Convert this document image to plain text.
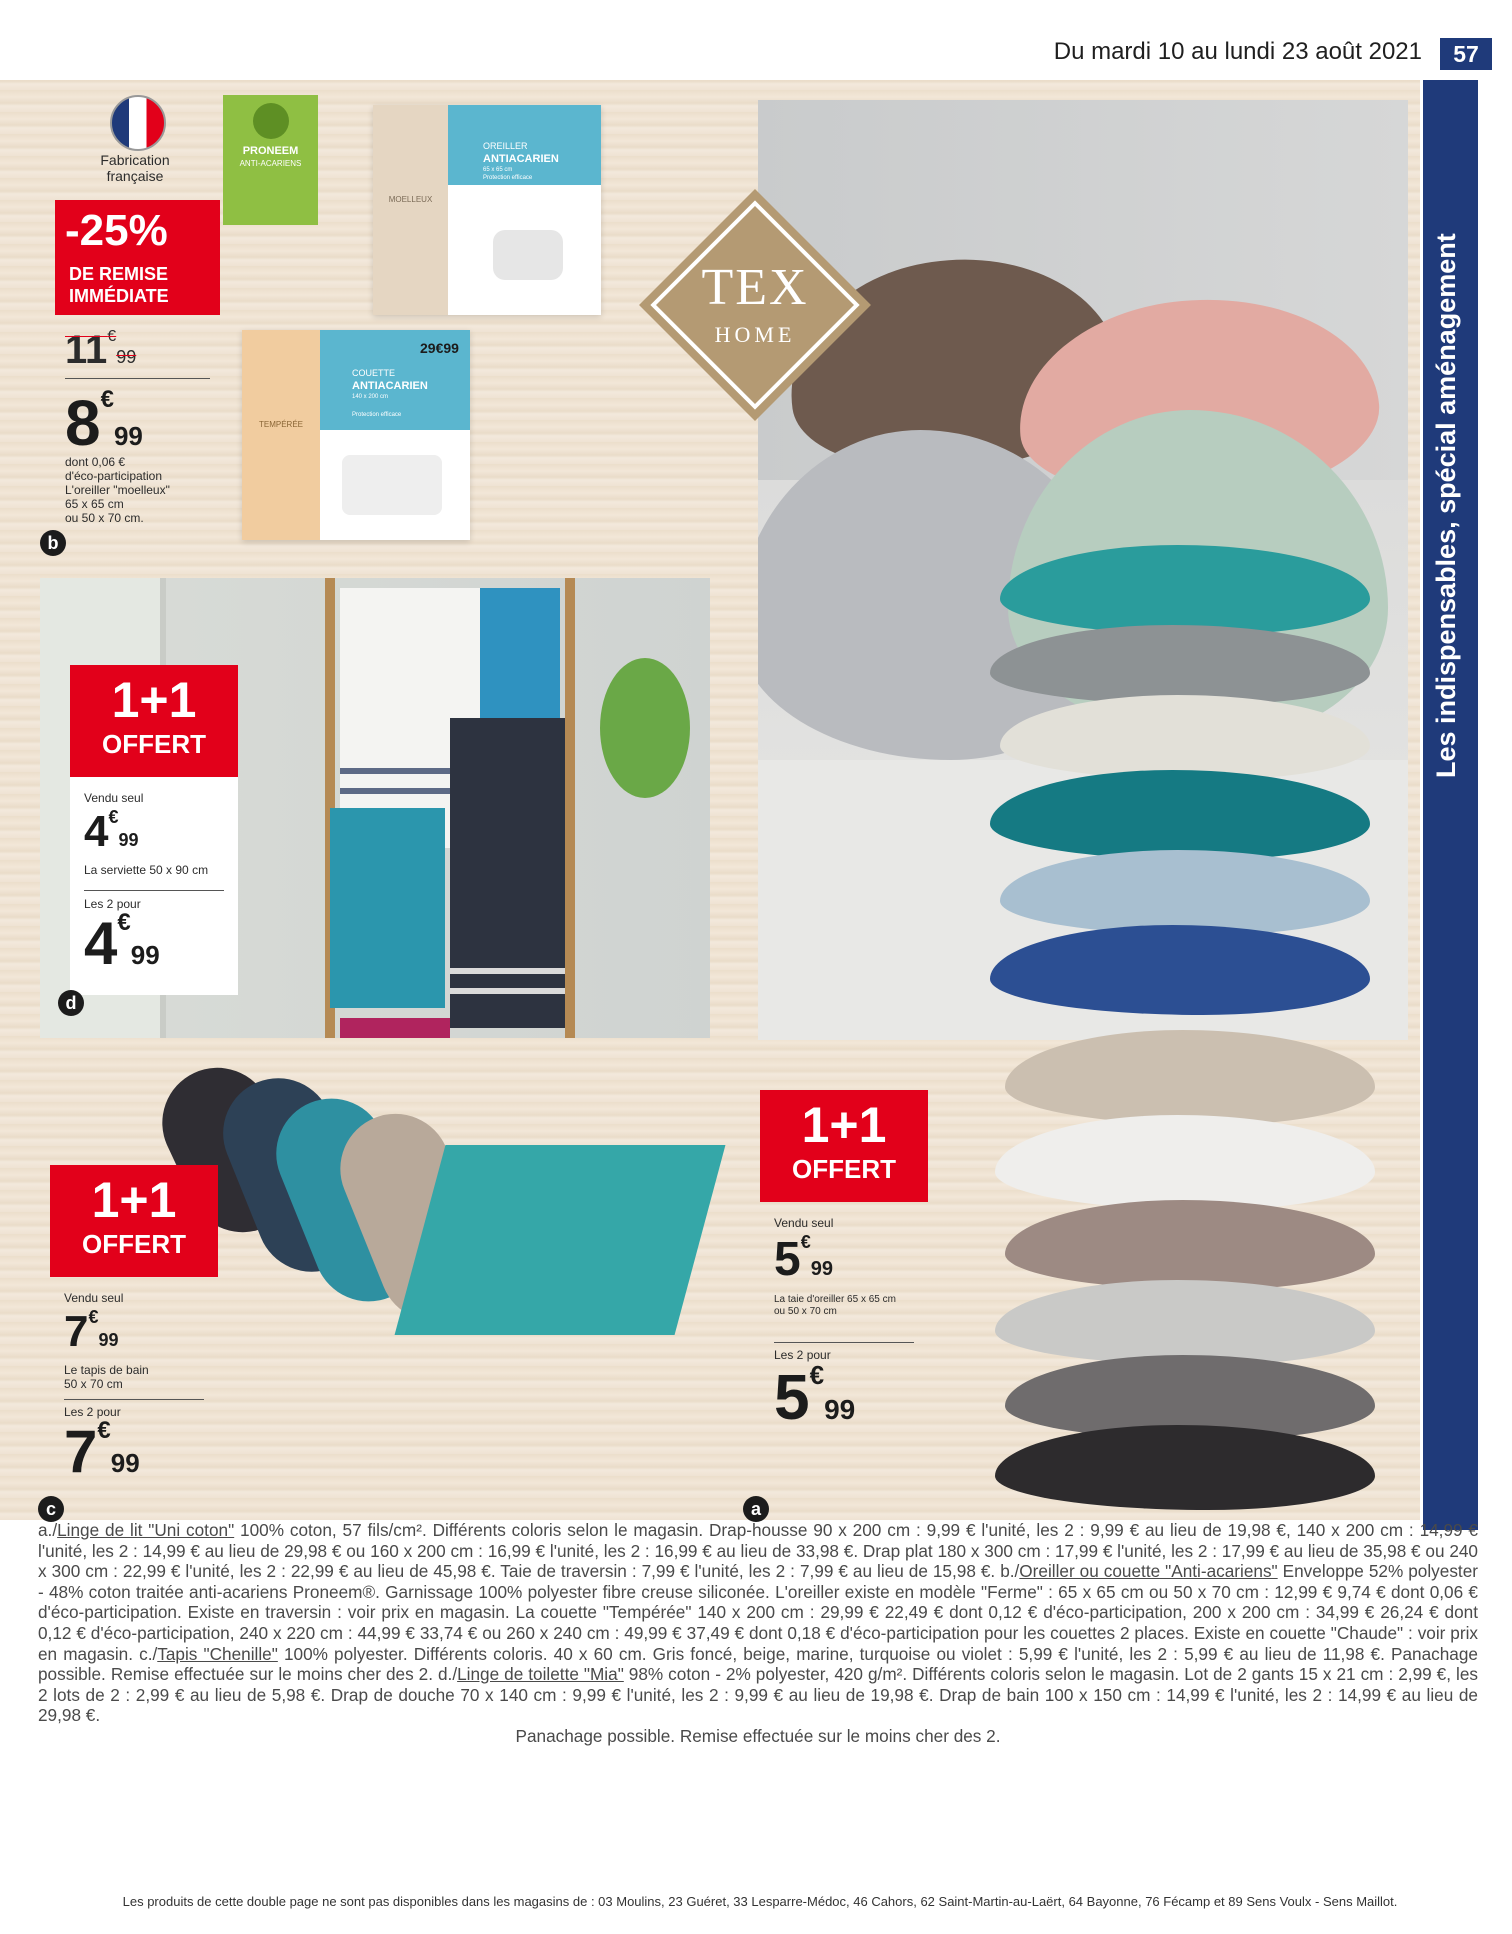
Du mardi 10 au lundi 23 août 2021	57
Les indispensables, spécial aménagement
TEX
HOME
Fabrication
française
PRONEEM
ANTI-ACARIENS
MOELLEUX
OREILLER
ANTIACARIEN
65 x 65 cm
Protection efficace
TEMPÉRÉE
29€99
COUETTE
ANTIACARIEN
140 x 200 cm
Protection efficace
-25%
DE REMISE
IMMÉDIATE
11€99
8€99
dont 0,06 €
d'éco-participation
L'oreiller "moelleux"
65 x 65 cm
ou 50 x 70 cm.
b
1+1
OFFERT
Vendu seul
4€99
La serviette 50 x 90 cm
Les 2 pour
4€99
d
1+1
OFFERT
Vendu seul
7€99
Le tapis de bain
50 x 70 cm
Les 2 pour
7€99
c
1+1
OFFERT
Vendu seul
5€99
La taie d'oreiller 65 x 65 cm
ou 50 x 70 cm
Les 2 pour
5€99
a
a./Linge de lit "Uni coton" 100% coton, 57 fils/cm². Différents coloris selon le magasin. Drap-housse 90 x 200 cm : 9,99 € l'unité, les 2 : 9,99 € au lieu de 19,98 €, 140 x 200 cm : 14,99 € l'unité, les 2 : 14,99 € au lieu de 29,98 € ou 160 x 200 cm : 16,99 € l'unité, les 2 : 16,99 € au lieu de 33,98 €. Drap plat 180 x 300 cm : 17,99 € l'unité, les 2 : 17,99 € au lieu de 35,98 € ou 240 x 300 cm : 22,99 € l'unité, les 2 : 22,99 € au lieu de 45,98 €. Taie de traversin : 7,99 € l'unité, les 2 : 7,99 € au lieu de 15,98 €. b./Oreiller ou couette "Anti-acariens" Enveloppe 52% polyester - 48% coton traitée anti-acariens Proneem®. Garnissage 100% polyester fibre creuse siliconée. L'oreiller existe en modèle "Ferme" : 65 x 65 cm ou 50 x 70 cm : 12,99 € 9,74 € dont 0,06 € d'éco-participation. Existe en traversin : voir prix en magasin. La couette "Tempérée" 140 x 200 cm : 29,99 € 22,49 € dont 0,12 € d'éco-participation, 200 x 200 cm : 34,99 € 26,24 € dont 0,12 € d'éco-participation, 240 x 220 cm : 44,99 € 33,74 € ou 260 x 240 cm : 49,99 € 37,49 € dont 0,18 € d'éco-participation pour les couettes 2 places. Existe en couette "Chaude" : voir prix en magasin. c./Tapis "Chenille" 100% polyester. Différents coloris. 40 x 60 cm. Gris foncé, beige, marine, turquoise ou violet : 5,99 € l'unité, les 2 : 5,99 € au lieu de 11,98 €. Panachage possible. Remise effectuée sur le moins cher des 2. d./Linge de toilette "Mia" 98% coton - 2% polyester, 420 g/m². Différents coloris selon le magasin. Lot de 2 gants 15 x 21 cm : 2,99 €, les 2 lots de 2 : 2,99 € au lieu de 5,98 €. Drap de douche 70 x 140 cm : 9,99 € l'unité, les 2 : 9,99 € au lieu de 19,98 €. Drap de bain 100 x 150 cm : 14,99 € l'unité, les 2 : 14,99 € au lieu de 29,98 €.
Panachage possible. Remise effectuée sur le moins cher des 2.
Les produits de cette double page ne sont pas disponibles dans les magasins de : 03 Moulins, 23 Guéret, 33 Lesparre-Médoc, 46 Cahors, 62 Saint-Martin-au-Laërt, 64 Bayonne, 76 Fécamp et 89 Sens Voulx - Sens Maillot.
